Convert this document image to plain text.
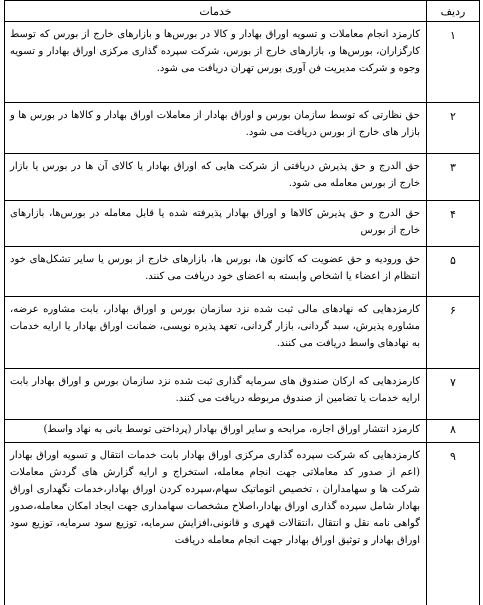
ردیف	خدمات
۱	کارمزد انجام معاملات و تسویه اوراق بهادار و کالا در بورس‌ها و بازارهای خارج از بورس که توسط کارگزاران، بورس‌ها و، بازارهای خارج از بورس، شرکت سپرده گذاری مرکزی اوراق بهادار و تسویه وجوه و شرکت مدیریت فن آوری بورس تهران دریافت می شود.
۲	حق نظارتی که توسط سازمان بورس و اوراق بهادار از معاملات اوراق بهادار و کالاها در بورس ها و بازار های خارج از بورس دریافت می شود.
۳	حق الدرج و حق پذیرش دریافتی از شرکت هایی که اوراق بهادار یا کالای آن ها در بورس یا بازار خارج از بورس معامله می شود.
۴	حق الدرج و حق پذیرش کالاها و اوراق بهادار پذیرفته شده یا قابل معامله در بورس‌ها، بازارهای خارج از بورس
۵	حق ورودیه و حق عضویت که کانون ها، بورس ها، بازارهای خارج از بورس یا سایر تشکل‌های خود انتظام از اعضاء یا اشخاص وابسته به اعضای خود دریافت می کنند.
۶	کارمزدهایی که نهادهای مالی ثبت شده نزد سازمان بورس و اوراق بهادار، بابت مشاوره عرضه، مشاوره پذیرش، سبد گردانی، بازار گردانی، تعهد پذیره نویسی، ضمانت اوراق بهادار یا ارایه خدمات به نهادهای واسط دریافت می کنند.
۷	کارمزدهایی که ارکان صندوق های سرمایه گذاری ثبت شده نزد سازمان بورس و اوراق بهادار بابت ارایه خدمات یا تضامین از صندوق مربوطه دریافت می کنند.
۸	کارمزد انتشار اوراق اجاره، مرابحه و سایر اوراق بهادار (پرداختی توسط بانی به نهاد واسط)
۹	کارمزدهایی که شرکت سپرده گذاری مرکزی اوراق بهادار بابت خدمات انتقال و تسویه اوراق بهادار (اعم از صدور کد معاملاتی جهت انجام معامله، استخراج و ارایه گزارش های گردش معاملات شرکت ها و سهامداران ، تخصیص اتوماتیک سهام،سپرده کردن اوراق بهادار،خدمات نگهداری اوراق بهادار شامل سپرده گذاری اوراق بهادار،اصلاح مشخصات سهامداری جهت ایجاد امکان معامله،صدور گواهی نامه نقل و انتقال ،انتقالات قهری و قانونی،افزایش سرمایه، توزیع سود سرمایه، توزیع سود اوراق بهادار و توثیق اوراق بهادار جهت انجام معامله دریافت
